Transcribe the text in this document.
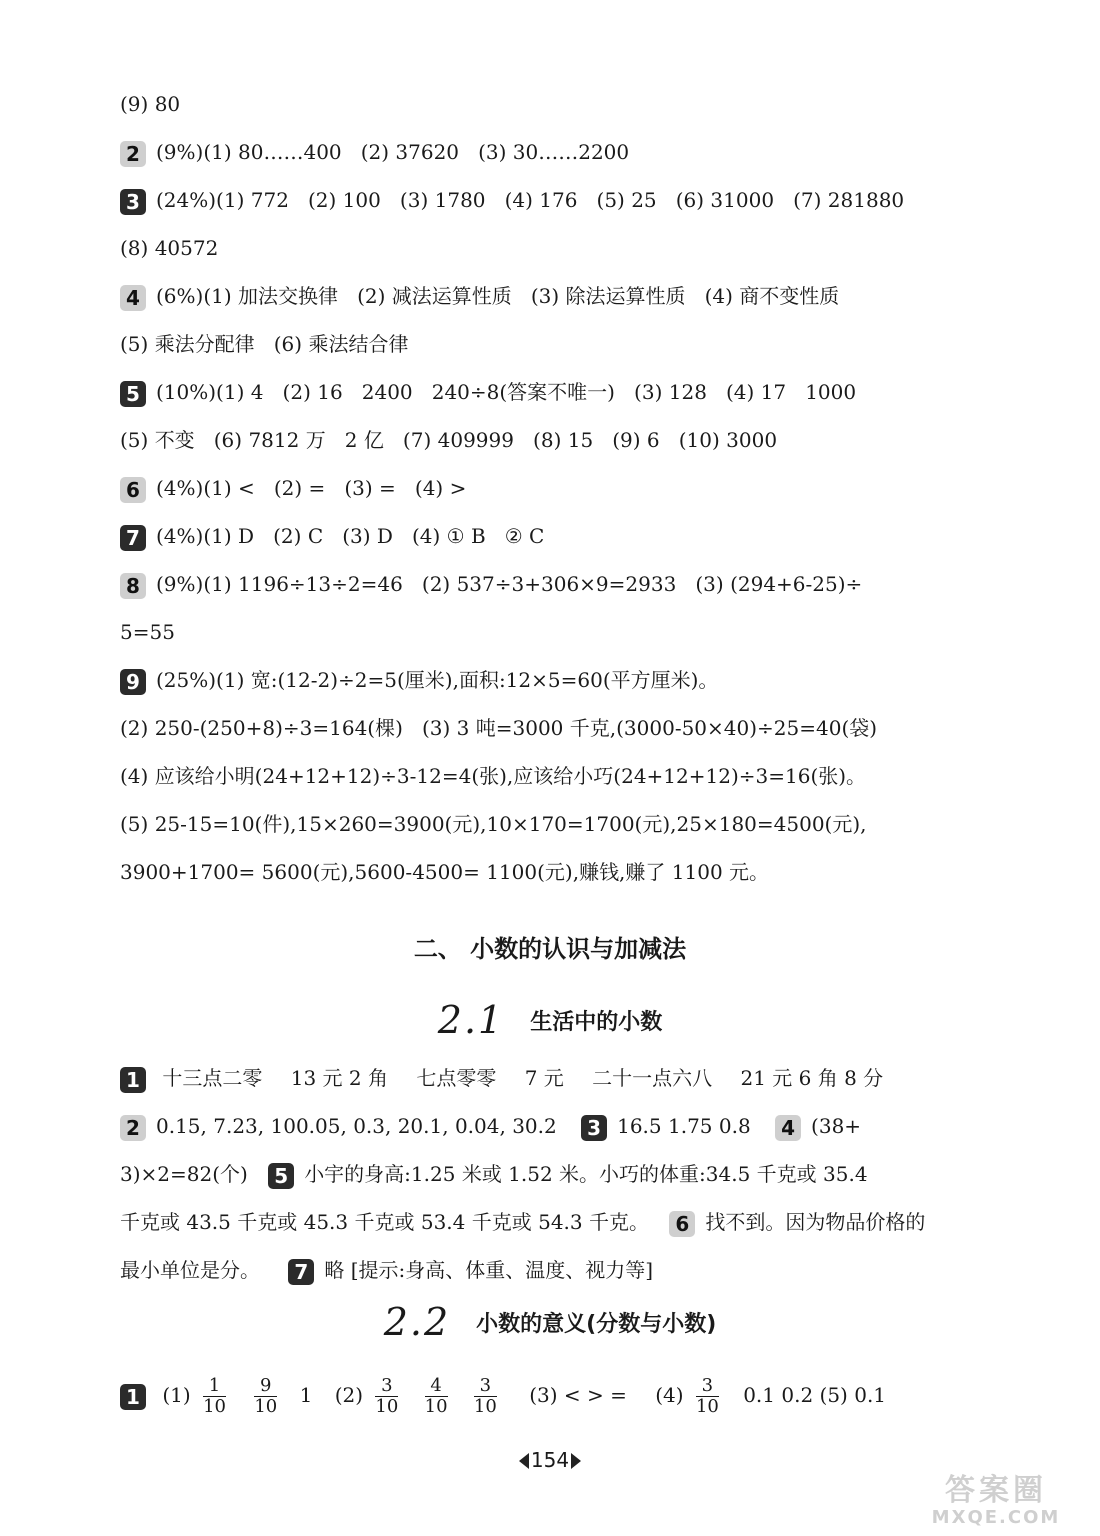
(9) 80
2 (9%)(1) 80……400   (2) 37620   (3) 30……2200
3 (24%)(1) 772   (2) 100   (3) 1780   (4) 176   (5) 25   (6) 31000   (7) 281880
(8) 40572
4 (6%)(1) 加法交换律   (2) 减法运算性质   (3) 除法运算性质   (4) 商不变性质
(5) 乘法分配律   (6) 乘法结合律
5 (10%)(1) 4   (2) 16   2400   240÷8(答案不唯一)   (3) 128   (4) 17   1000
(5) 不变   (6) 7812 万   2 亿   (7) 409999   (8) 15   (9) 6   (10) 3000
6 (4%)(1) <   (2) =   (3) =   (4) >
7 (4%)(1) D   (2) C   (3) D   (4) ① B   ② C
8 (9%)(1) 1196÷13÷2=46   (2) 537÷3+306×9=2933   (3) (294+6-25)÷
5=55
9 (25%)(1) 宽:(12-2)÷2=5(厘米),面积:12×5=60(平方厘米)。
(2) 250-(250+8)÷3=164(棵)   (3) 3 吨=3000 千克,(3000-50×40)÷25=40(袋)
(4) 应该给小明(24+12+12)÷3-12=4(张),应该给小巧(24+12+12)÷3=16(张)。
(5) 25-15=10(件),15×260=3900(元),10×170=1700(元),25×180=4500(元),
3900+1700= 5600(元),5600-4500= 1100(元),赚钱,赚了 1100 元。
二、 小数的认识与加减法
2.1 生活中的小数
1 十三点二零 13 元 2 角 七点零零 7 元 二十一点六八 21 元 6 角 8 分
2 0.15, 7.23, 100.05, 0.3, 20.1, 0.04, 30.2 3 16.5 1.75 0.8 4 (38+
3)×2=82(个) 5 小宇的身高:1.25 米或 1.52 米。小巧的体重:34.5 千克或 35.4
千克或 43.5 千克或 45.3 千克或 53.4 千克或 54.3 千克。 6 找不到。因为物品价格的
最小单位是分。 7 略 [提示:身高、体重、温度、视力等]
2.2 小数的意义(分数与小数)
1 $(1) \frac{1}{10}$
$\frac{9}{10} 1$ $(2) \frac{3}{10}$
$\frac{4}{10}$
$\frac{3}{10} (3)$ < > = $(4) \frac{3}{10} 0.1$ 0.2 (5) 0.1
154
答案圈
MXQE.COM
